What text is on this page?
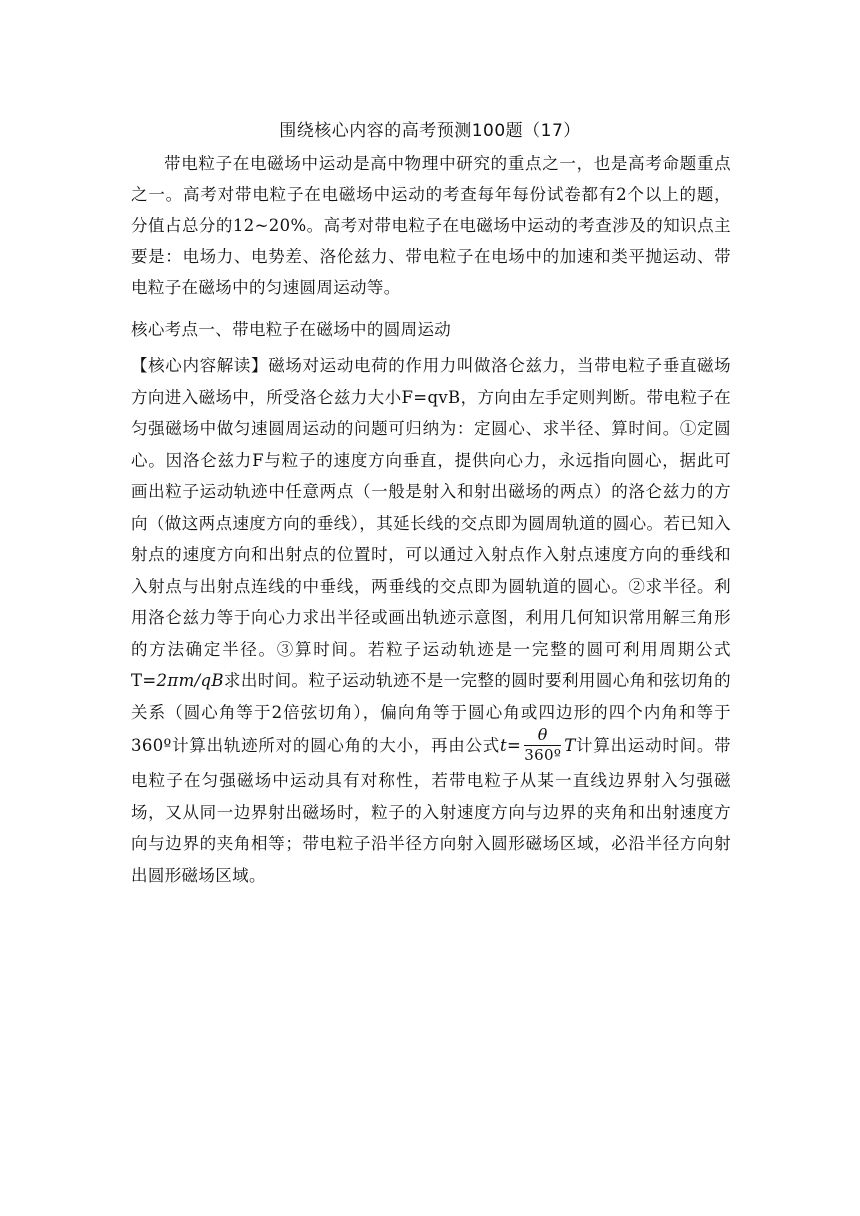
围绕核心内容的高考预测100题（17）
带电粒子在电磁场中运动是高中物理中研究的重点之一，也是高考命题重点之一。高考对带电粒子在电磁场中运动的考查每年每份试卷都有2个以上的题，分值占总分的12~20%。高考对带电粒子在电磁场中运动的考查涉及的知识点主要是：电场力、电势差、洛伦兹力、带电粒子在电场中的加速和类平抛运动、带电粒子在磁场中的匀速圆周运动等。
核心考点一、带电粒子在磁场中的圆周运动
【核心内容解读】磁场对运动电荷的作用力叫做洛仑兹力，当带电粒子垂直磁场方向进入磁场中，所受洛仑兹力大小F=qvB，方向由左手定则判断。带电粒子在匀强磁场中做匀速圆周运动的问题可归纳为：定圆心、求半径、算时间。①定圆心。因洛仑兹力F与粒子的速度方向垂直，提供向心力，永远指向圆心，据此可画出粒子运动轨迹中任意两点（一般是射入和射出磁场的两点）的洛仑兹力的方向（做这两点速度方向的垂线），其延长线的交点即为圆周轨道的圆心。若已知入射点的速度方向和出射点的位置时，可以通过入射点作入射点速度方向的垂线和入射点与出射点连线的中垂线，两垂线的交点即为圆轨道的圆心。②求半径。利用洛仑兹力等于向心力求出半径或画出轨迹示意图，利用几何知识常用解三角形的方法确定半径。③算时间。若粒子运动轨迹是一完整的圆可利用周期公式T=2πm/qB求出时间。粒子运动轨迹不是一完整的圆时要利用圆心角和弦切角的关系（圆心角等于2倍弦切角），偏向角等于圆心角或四边形的四个内角和等于360º计算出轨迹所对的圆心角的大小，再由公式$t= \frac{\theta}{\text{360º}}$ T计算出运动时间。带电粒子在匀强磁场中运动具有对称性，若带电粒子从某一直线边界射入匀强磁场，又从同一边界射出磁场时，粒子的入射速度方向与边界的夹角和出射速度方向与边界的夹角相等；带电粒子沿半径方向射入圆形磁场区域，必沿半径方向射出圆形磁场区域。
